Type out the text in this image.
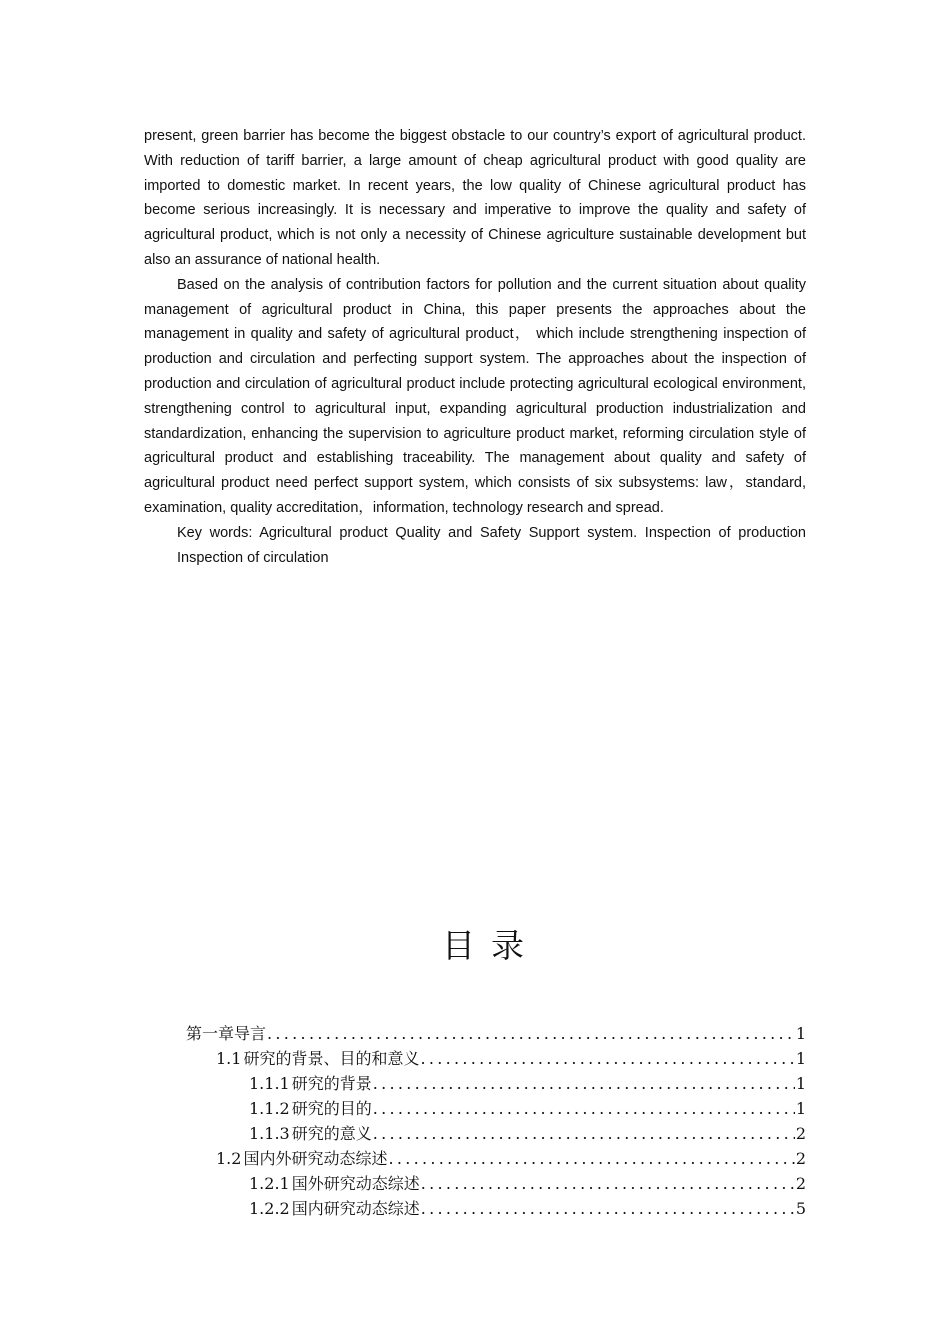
present, green barrier has become the biggest obstacle to our country’s export of agricultural product. With reduction of tariff barrier, a large amount of cheap agricultural product with good quality are imported to domestic market. In recent years, the low quality of Chinese agricultural product has become serious increasingly. It is necessary and imperative to improve the quality and safety of agricultural product, which is not only a necessity of Chinese agriculture sustainable development but also an assurance of national health.

Based on the analysis of contribution factors for pollution and the current situation about quality management of agricultural product in China, this paper presents the approaches about the management in quality and safety of agricultural product， which include strengthening inspection of production and circulation and perfecting support system. The approaches about the inspection of production and circulation of agricultural product include protecting agricultural ecological environment, strengthening control to agricultural input, expanding agricultural production industrialization and standardization, enhancing the supervision to agriculture product market, reforming circulation style of agricultural product and establishing traceability. The management about quality and safety of agricultural product need perfect support system, which consists of six subsystems: law，standard, examination, quality accreditation，information, technology research and spread.

Key words: Agricultural product Quality and Safety Support system. Inspection of production Inspection of circulation

目录
第一章导言 .....	1
1.1 研究的背景、目的和意义 .....	1
1.1.1 研究的背景 .....	1
1.1.2 研究的目的 .....	1
1.1.3 研究的意义 .....	2
1.2 国内外研究动态综述 .....	2
1.2.1 国外研究动态综述 .....	2
1.2.2 国内研究动态综述 .....	5
